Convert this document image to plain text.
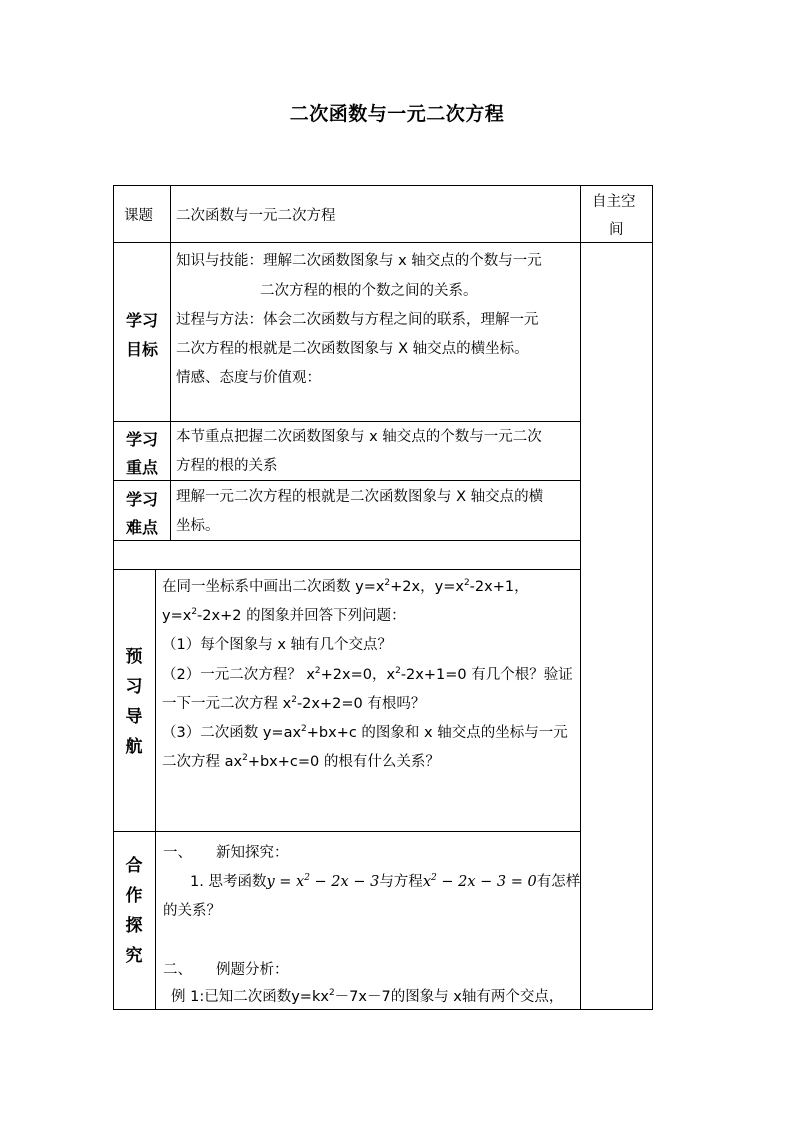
二次函数与一元二次方程
课题 二次函数与一元二次方程
自主空
间
学习
目标
知识与技能：理解二次函数图象与 x 轴交点的个数与一元
二次方程的根的个数之间的关系。
过程与方法：体会二次函数与方程之间的联系，理解一元
二次方程的根就是二次函数图象与 X 轴交点的横坐标。
情感、态度与价值观：
学习
重点
本节重点把握二次函数图象与 x 轴交点的个数与一元二次
方程的根的关系
学习
难点
理解一元二次方程的根就是二次函数图象与 X 轴交点的横
坐标。
预
习
导
航
在同一坐标系中画出二次函数 $y=x^2+2x$，$y=x^2-2x+1$，
$y=x^2-2x+2$ 的图象并回答下列问题：
（1）每个图象与 x 轴有几个交点？
（2）一元二次方程？ $x^2+2x=0$，$x^2-2x+1=0$ 有几个根？验证
一下一元二次方程 $x^2-2x+2=0$ 有根吗？
（3）二次函数 $y=ax^2+bx+c$ 的图象和 x 轴交点的坐标与一元
二次方程 $ax^2+bx+c=0$ 的根有什么关系？
合
作
探
究
一、 新知探究：
1. 思考函数$y = x^2 - 2x - 3$与方程$x^2 - 2x - 3 = 0$有怎样
的关系？
二、 例题分析：
例 1:已知二次函数$y=kx^2-7x-7$的图象与 x轴有两个交点，
